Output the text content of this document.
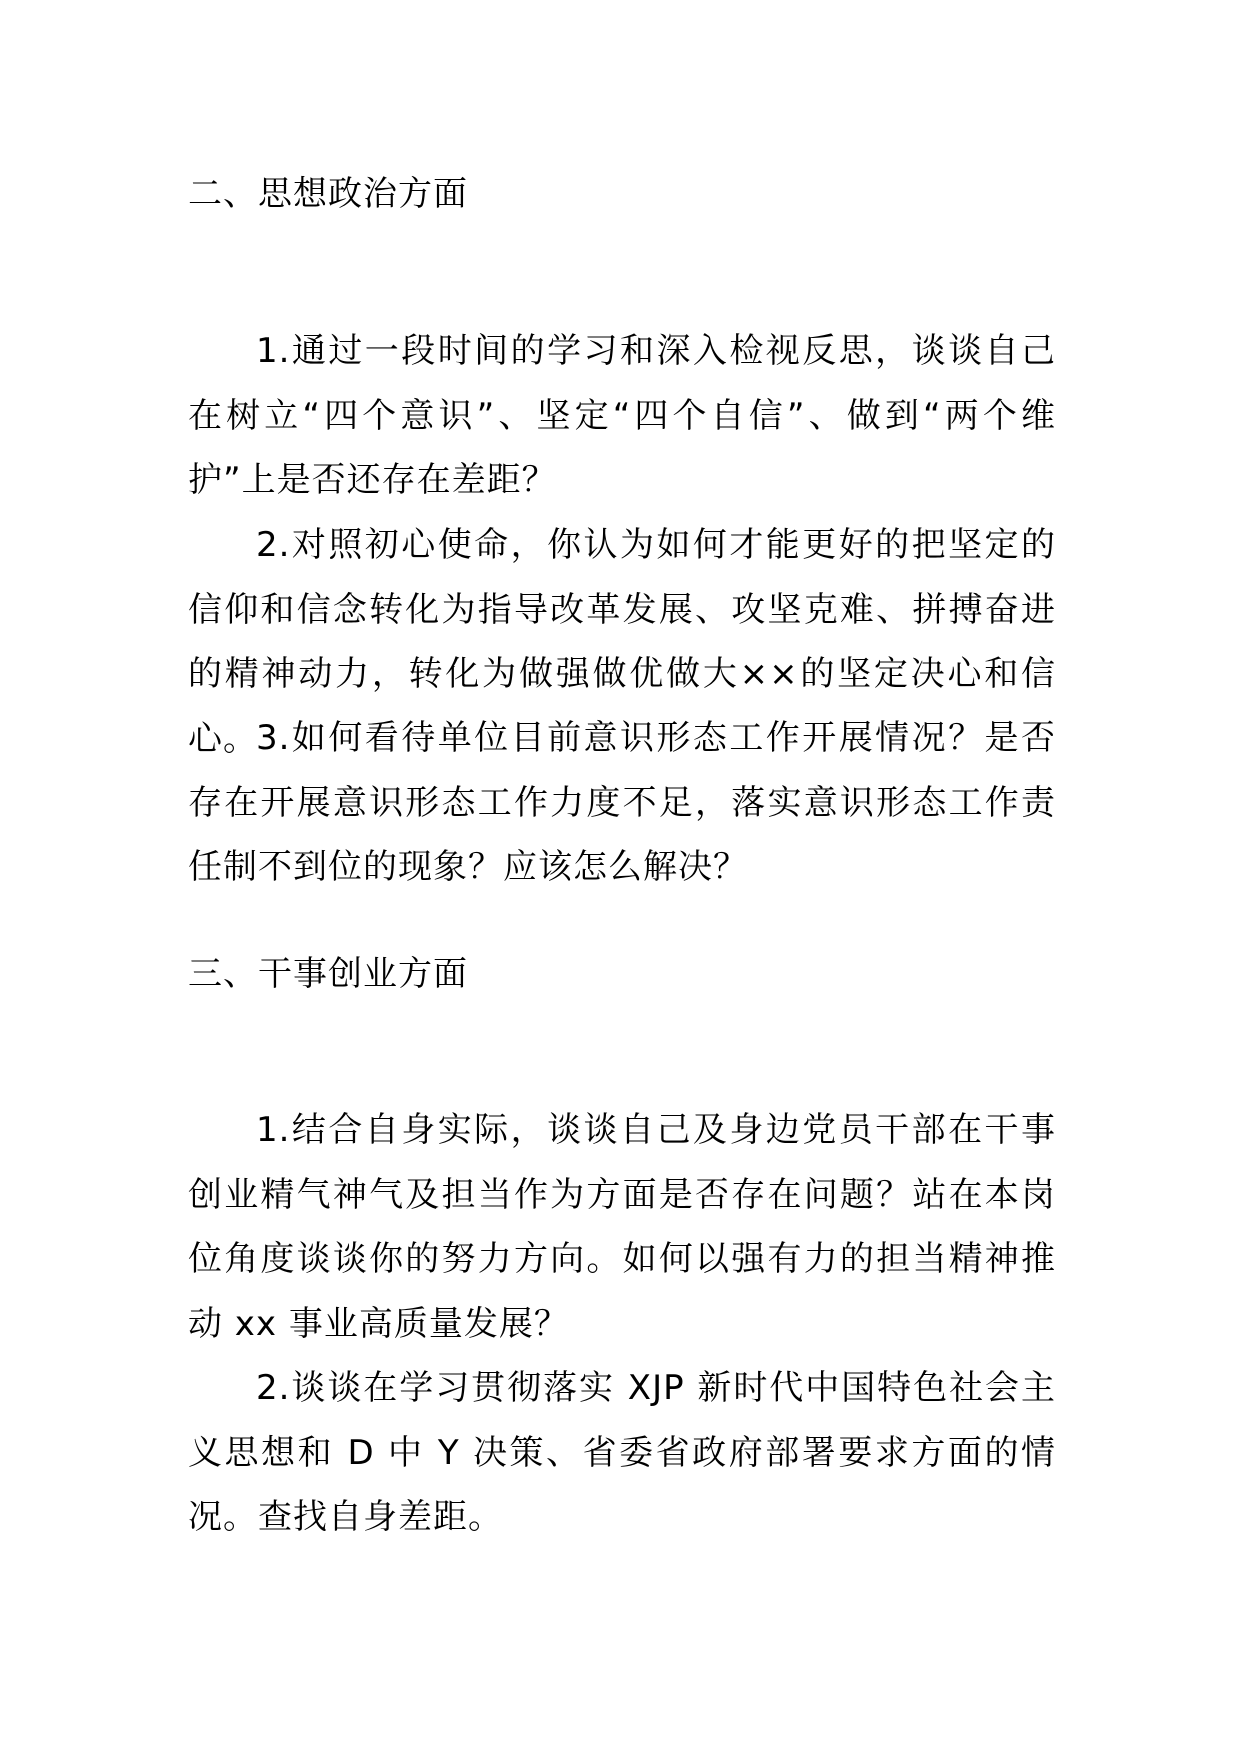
二、思想政治方面

1.通过一段时间的学习和深入检视反思，谈谈自己在树立“四个意识”、坚定“四个自信”、做到“两个维护”上是否还存在差距？

2.对照初心使命，你认为如何才能更好的把坚定的信仰和信念转化为指导改革发展、攻坚克难、拼搏奋进的精神动力，转化为做强做优做大××的坚定决心和信心。

3.如何看待单位目前意识形态工作开展情况？是否存在开展意识形态工作力度不足，落实意识形态工作责任制不到位的现象？应该怎么解决？

三、干事创业方面

1.结合自身实际，谈谈自己及身边党员干部在干事创业精气神气及担当作为方面是否存在问题？站在本岗位角度谈谈你的努力方向。如何以强有力的担当精神推动 xx 事业高质量发展？

2.谈谈在学习贯彻落实 XJP 新时代中国特色社会主义思想和 D 中 Y 决策、省委省政府部署要求方面的情况。查找自身差距。
